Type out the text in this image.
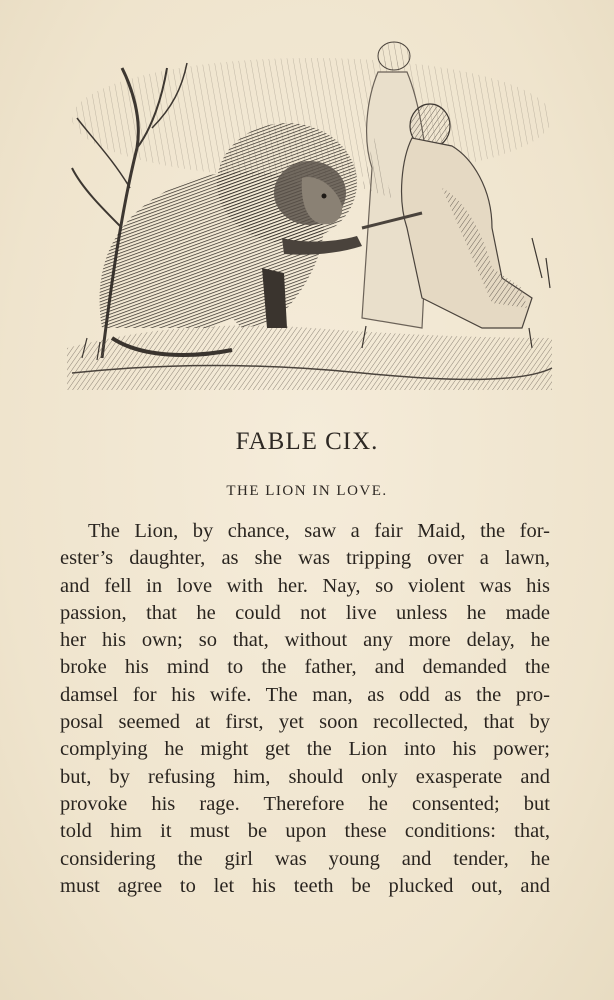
FABLE CIX.
THE LION IN LOVE.
The Lion, by chance, saw a fair Maid, the for-
ester’s daughter, as she was tripping over a lawn,
and fell in love with her. Nay, so violent was his
passion, that he could not live unless he made
her his own; so that, without any more delay, he
broke his mind to the father, and demanded the
damsel for his wife. The man, as odd as the pro-
posal seemed at first, yet soon recollected, that by
complying he might get the Lion into his power;
but, by refusing him, should only exasperate and
provoke his rage. Therefore he consented; but
told him it must be upon these conditions: that,
considering the girl was young and tender, he
must agree to let his teeth be plucked out, and
